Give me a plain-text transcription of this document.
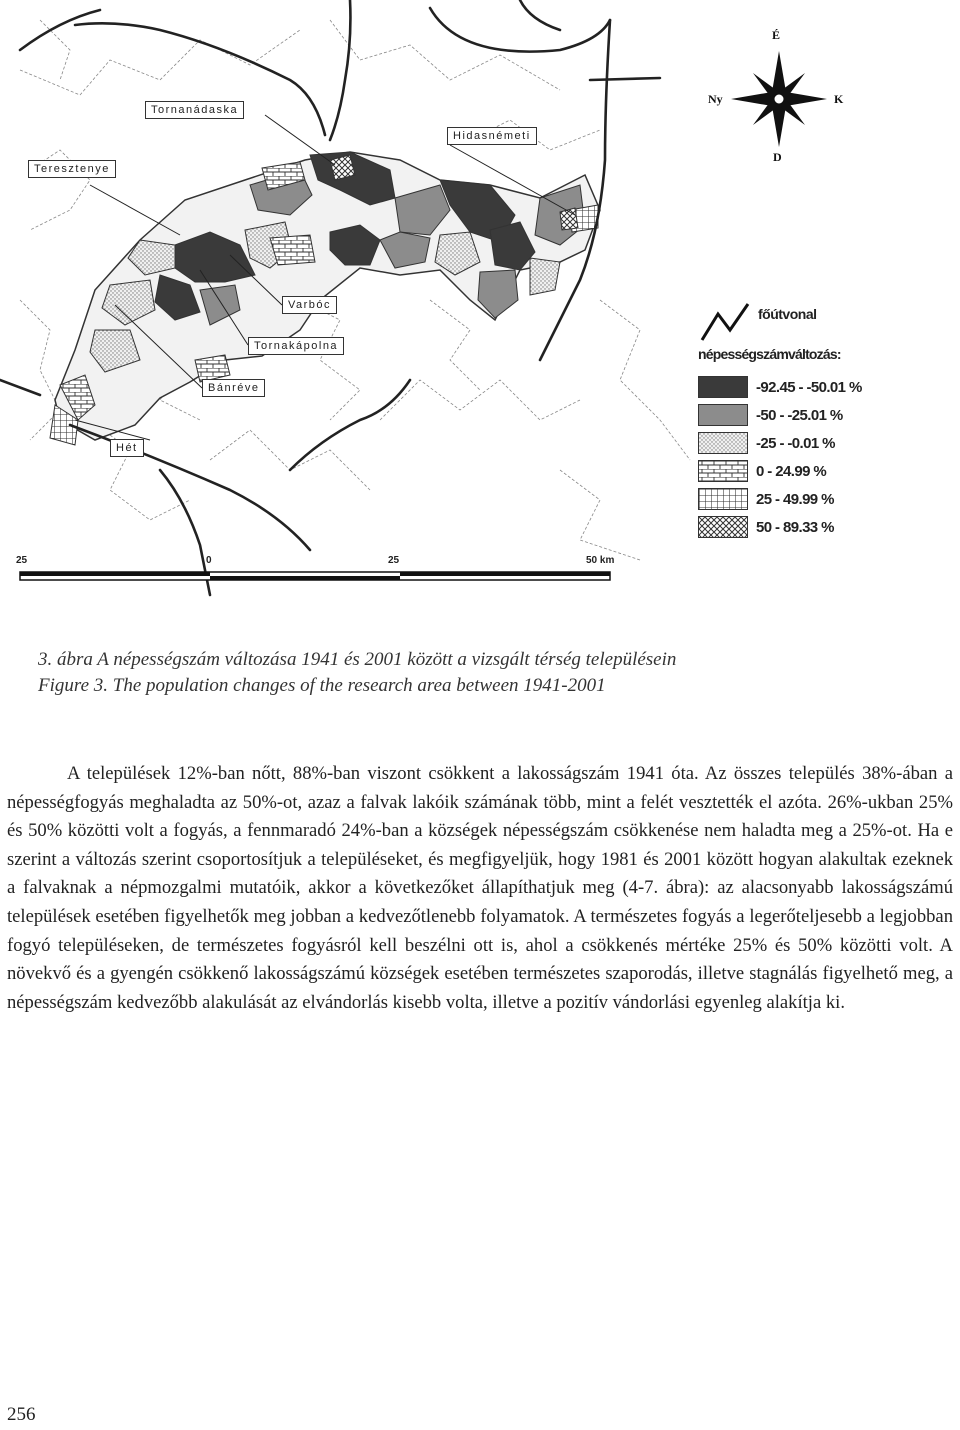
Tornanádaska
Teresztenye
Hidasnémeti
Varbóc
Tornakápolna
Bánréve
Hét
É
Ny	K
D
főútvonal
népességszámváltozás:
-92.45 - -50.01 %
-50 - -25.01 %
-25 - -0.01 %
0 - 24.99 %
25 - 49.99 %
50 - 89.33 %
25	0	25	50 km
3. ábra A népességszám változása 1941 és 2001 között a vizsgált térség településein
Figure 3. The population changes of the research area between 1941-2001

A települések 12%-ban nőtt, 88%-ban viszont csökkent a lakosságszám 1941 óta. Az összes település 38%-ában a népességfogyás meghaladta az 50%-ot, azaz a falvak lakóik számának több, mint a felét vesztették el azóta. 26%-ukban 25% és 50% közötti volt a fogyás, a fennmaradó 24%-ban a községek népességszám csökkenése nem haladta meg a 25%-ot. Ha e szerint a változás szerint csoportosítjuk a településeket, és megfigyeljük, hogy 1981 és 2001 között hogyan alakultak ezeknek a falvaknak a népmozgalmi mutatóik, akkor a következőket állapíthatjuk meg (4-7. ábra): az alacsonyabb lakosságszámú települések esetében figyelhetők meg jobban a kedvezőtlenebb folyamatok. A természetes fogyás a legerőteljesebb a legjobban fogyó településeken, de természetes fogyásról kell beszélni ott is, ahol a csökkenés mértéke 25% és 50% közötti volt. A növekvő és a gyengén csökkenő lakosságszámú községek esetében természetes szaporodás, illetve stagnálás figyelhető meg, a népességszám kedvezőbb alakulását az elvándorlás kisebb volta, illetve a pozitív vándorlási egyenleg alakítja ki.

256
